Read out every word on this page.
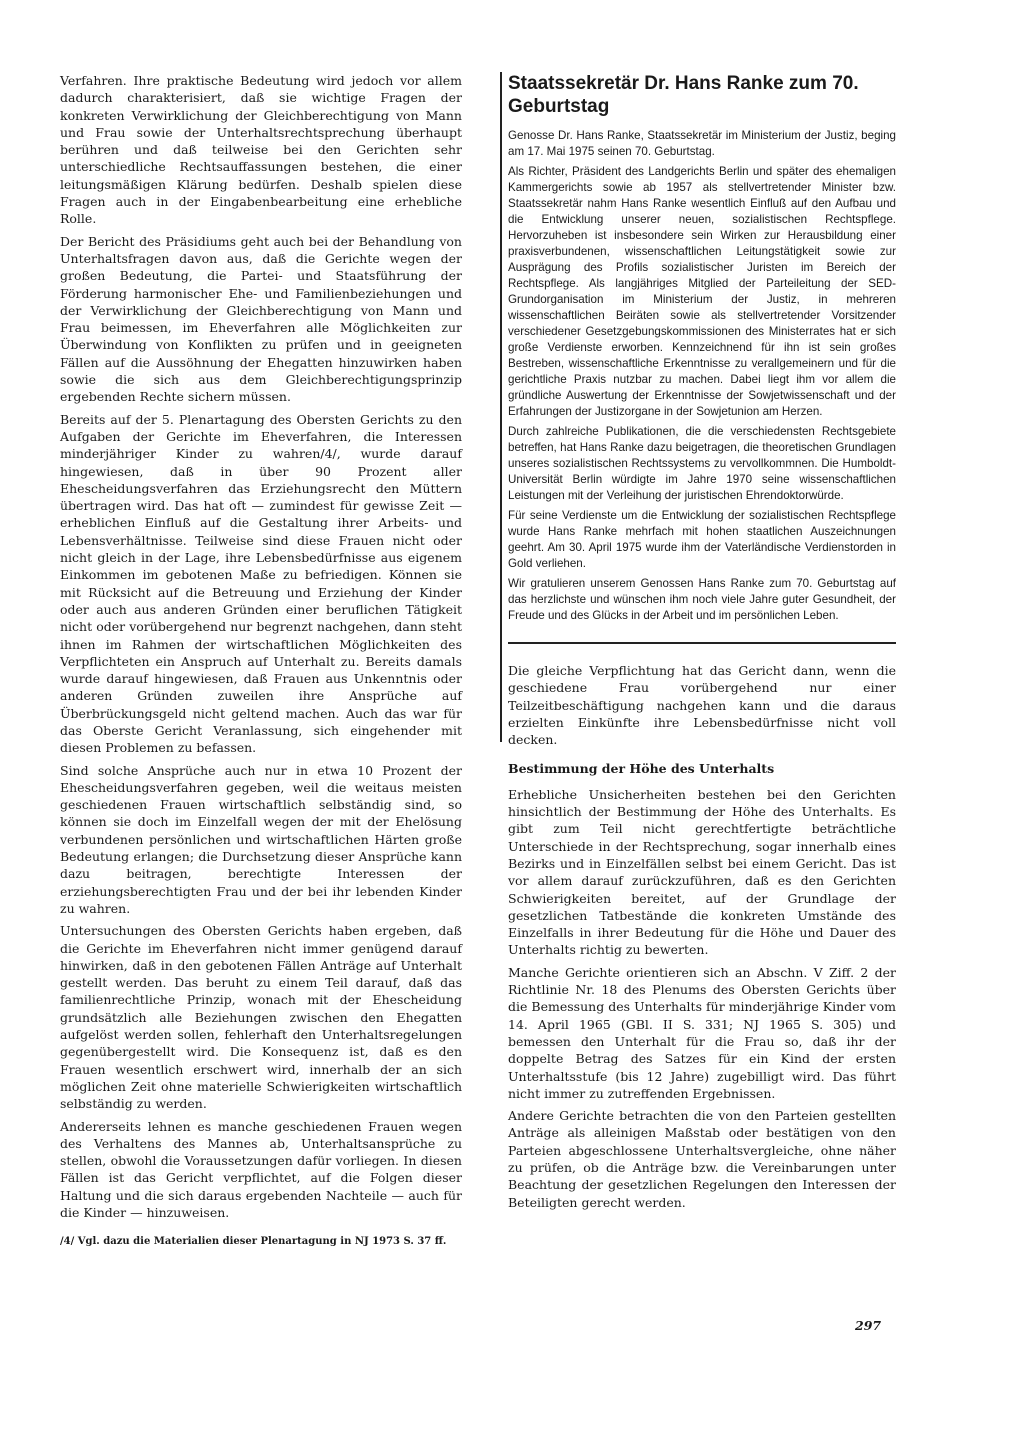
Verfahren. Ihre praktische Bedeutung wird jedoch vor allem dadurch charakterisiert, daß sie wichtige Fragen der konkreten Verwirklichung der Gleichberechtigung von Mann und Frau sowie der Unterhaltsrechtsprechung überhaupt berühren und daß teilweise bei den Gerichten sehr unterschiedliche Rechtsauffassungen bestehen, die einer leitungsmäßigen Klärung bedürfen. Deshalb spielen diese Fragen auch in der Eingabenbearbeitung eine erhebliche Rolle.

Der Bericht des Präsidiums geht auch bei der Behandlung von Unterhaltsfragen davon aus, daß die Gerichte wegen der großen Bedeutung, die Partei- und Staatsführung der Förderung harmonischer Ehe- und Familienbeziehungen und der Verwirklichung der Gleichberechtigung von Mann und Frau beimessen, im Eheverfahren alle Möglichkeiten zur Überwindung von Konflikten zu prüfen und in geeigneten Fällen auf die Aussöhnung der Ehegatten hinzuwirken haben sowie die sich aus dem Gleichberechtigungsprinzip ergebenden Rechte sichern müssen.

Bereits auf der 5. Plenartagung des Obersten Gerichts zu den Aufgaben der Gerichte im Eheverfahren, die Interessen minderjähriger Kinder zu wahren/4/, wurde darauf hingewiesen, daß in über 90 Prozent aller Ehescheidungsverfahren das Erziehungsrecht den Müttern übertragen wird. Das hat oft — zumindest für gewisse Zeit — erheblichen Einfluß auf die Gestaltung ihrer Arbeits- und Lebensverhältnisse. Teilweise sind diese Frauen nicht oder nicht gleich in der Lage, ihre Lebensbedürfnisse aus eigenem Einkommen im gebotenen Maße zu befriedigen. Können sie mit Rücksicht auf die Betreuung und Erziehung der Kinder oder auch aus anderen Gründen einer beruflichen Tätigkeit nicht oder vorübergehend nur begrenzt nachgehen, dann steht ihnen im Rahmen der wirtschaftlichen Möglichkeiten des Verpflichteten ein Anspruch auf Unterhalt zu. Bereits damals wurde darauf hingewiesen, daß Frauen aus Unkenntnis oder anderen Gründen zuweilen ihre Ansprüche auf Überbrückungsgeld nicht geltend machen. Auch das war für das Oberste Gericht Veranlassung, sich eingehender mit diesen Problemen zu befassen.

Sind solche Ansprüche auch nur in etwa 10 Prozent der Ehescheidungsverfahren gegeben, weil die weitaus meisten geschiedenen Frauen wirtschaftlich selbständig sind, so können sie doch im Einzelfall wegen der mit der Ehelösung verbundenen persönlichen und wirtschaftlichen Härten große Bedeutung erlangen; die Durchsetzung dieser Ansprüche kann dazu beitragen, berechtigte Interessen der erziehungsberechtigten Frau und der bei ihr lebenden Kinder zu wahren.

Untersuchungen des Obersten Gerichts haben ergeben, daß die Gerichte im Eheverfahren nicht immer genügend darauf hinwirken, daß in den gebotenen Fällen Anträge auf Unterhalt gestellt werden. Das beruht zu einem Teil darauf, daß das familienrechtliche Prinzip, wonach mit der Ehescheidung grundsätzlich alle Beziehungen zwischen den Ehegatten aufgelöst werden sollen, fehlerhaft den Unterhaltsregelungen gegenübergestellt wird. Die Konsequenz ist, daß es den Frauen wesentlich erschwert wird, innerhalb der an sich möglichen Zeit ohne materielle Schwierigkeiten wirtschaftlich selbständig zu werden.

Andererseits lehnen es manche geschiedenen Frauen wegen des Verhaltens des Mannes ab, Unterhaltsansprüche zu stellen, obwohl die Voraussetzungen dafür vorliegen. In diesen Fällen ist das Gericht verpflichtet, auf die Folgen dieser Haltung und die sich daraus ergebenden Nachteile — auch für die Kinder — hinzuweisen.

/4/ Vgl. dazu die Materialien dieser Plenartagung in NJ 1973 S. 37 ff.
Staatssekretär Dr. Hans Ranke zum 70. Geburtstag

Genosse Dr. Hans Ranke, Staatssekretär im Ministerium der Justiz, beging am 17. Mai 1975 seinen 70. Geburtstag.

Als Richter, Präsident des Landgerichts Berlin und später des ehemaligen Kammergerichts sowie ab 1957 als stellvertretender Minister bzw. Staatssekretär nahm Hans Ranke wesentlich Einfluß auf den Aufbau und die Entwicklung unserer neuen, sozialistischen Rechtspflege. Hervorzuheben ist insbesondere sein Wirken zur Herausbildung einer praxisverbundenen, wissenschaftlichen Leitungstätigkeit sowie zur Ausprägung des Profils sozialistischer Juristen im Bereich der Rechtspflege. Als langjähriges Mitglied der Parteileitung der SED-Grundorganisation im Ministerium der Justiz, in mehreren wissenschaftlichen Beiräten sowie als stellvertretender Vorsitzender verschiedener Gesetzgebungskommissionen des Ministerrates hat er sich große Verdienste erworben. Kennzeichnend für ihn ist sein großes Bestreben, wissenschaftliche Erkenntnisse zu verallgemeinern und für die gerichtliche Praxis nutzbar zu machen. Dabei liegt ihm vor allem die gründliche Auswertung der Erkenntnisse der Sowjetwissenschaft und der Erfahrungen der Justizorgane in der Sowjetunion am Herzen.

Durch zahlreiche Publikationen, die die verschiedensten Rechtsgebiete betreffen, hat Hans Ranke dazu beigetragen, die theoretischen Grundlagen unseres sozialistischen Rechtssystems zu vervollkommnen. Die Humboldt-Universität Berlin würdigte im Jahre 1970 seine wissenschaftlichen Leistungen mit der Verleihung der juristischen Ehrendoktorwürde.

Für seine Verdienste um die Entwicklung der sozialistischen Rechtspflege wurde Hans Ranke mehrfach mit hohen staatlichen Auszeichnungen geehrt. Am 30. April 1975 wurde ihm der Vaterländische Verdienstorden in Gold verliehen.

Wir gratulieren unserem Genossen Hans Ranke zum 70. Geburtstag auf das herzlichste und wünschen ihm noch viele Jahre guter Gesundheit, der Freude und des Glücks in der Arbeit und im persönlichen Leben.

Die gleiche Verpflichtung hat das Gericht dann, wenn die geschiedene Frau vorübergehend nur einer Teilzeitbeschäftigung nachgehen kann und die daraus erzielten Einkünfte ihre Lebensbedürfnisse nicht voll decken.

Bestimmung der Höhe des Unterhalts

Erhebliche Unsicherheiten bestehen bei den Gerichten hinsichtlich der Bestimmung der Höhe des Unterhalts. Es gibt zum Teil nicht gerechtfertigte beträchtliche Unterschiede in der Rechtsprechung, sogar innerhalb eines Bezirks und in Einzelfällen selbst bei einem Gericht. Das ist vor allem darauf zurückzuführen, daß es den Gerichten Schwierigkeiten bereitet, auf der Grundlage der gesetzlichen Tatbestände die konkreten Umstände des Einzelfalls in ihrer Bedeutung für die Höhe und Dauer des Unterhalts richtig zu bewerten.

Manche Gerichte orientieren sich an Abschn. V Ziff. 2 der Richtlinie Nr. 18 des Plenums des Obersten Gerichts über die Bemessung des Unterhalts für minderjährige Kinder vom 14. April 1965 (GBl. II S. 331; NJ 1965 S. 305) und bemessen den Unterhalt für die Frau so, daß ihr der doppelte Betrag des Satzes für ein Kind der ersten Unterhaltsstufe (bis 12 Jahre) zugebilligt wird. Das führt nicht immer zu zutreffenden Ergebnissen.

Andere Gerichte betrachten die von den Parteien gestellten Anträge als alleinigen Maßstab oder bestätigen von den Parteien abgeschlossene Unterhaltsvergleiche, ohne näher zu prüfen, ob die Anträge bzw. die Vereinbarungen unter Beachtung der gesetzlichen Regelungen den Interessen der Beteiligten gerecht werden.

297
